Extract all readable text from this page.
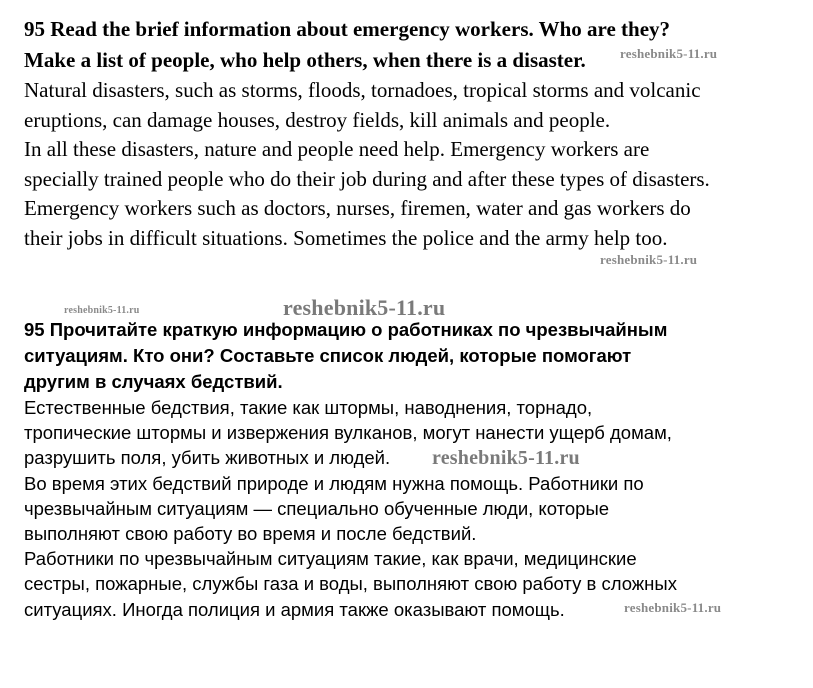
95 Read the brief information about emergency workers. Who are they?
Make a list of people, who help others, when there is a disaster.

Natural disasters, such as storms, floods, tornadoes, tropical storms and volcanic
eruptions, can damage houses, destroy fields, kill animals and people.
In all these disasters, nature and people need help. Emergency workers are
specially trained people who do their job during and after these types of disasters.
Emergency workers such as doctors, nurses, firemen, water and gas workers do
their jobs in difficult situations. Sometimes the police and the army help too.

95 Прочитайте краткую информацию о работниках по чрезвычайным
ситуациям. Кто они? Составьте список людей, которые помогают
другим в случаях бедствий.

Естественные бедствия, такие как штормы, наводнения, торнадо,
тропические штормы и извержения вулканов, могут нанести ущерб домам,
разрушить поля, убить животных и людей.
Во время этих бедствий природе и людям нужна помощь. Работники по
чрезвычайным ситуациям — специально обученные люди, которые
выполняют свою работу во время и после бедствий.
Работники по чрезвычайным ситуациям такие, как врачи, медицинские
сестры, пожарные, службы газа и воды, выполняют свою работу в сложных
ситуациях. Иногда полиция и армия также оказывают помощь.

reshebnik5-11.ru
reshebnik5-11.ru
reshebnik5-11.ru	reshebnik5-11.ru
reshebnik5-11.ru
reshebnik5-11.ru
